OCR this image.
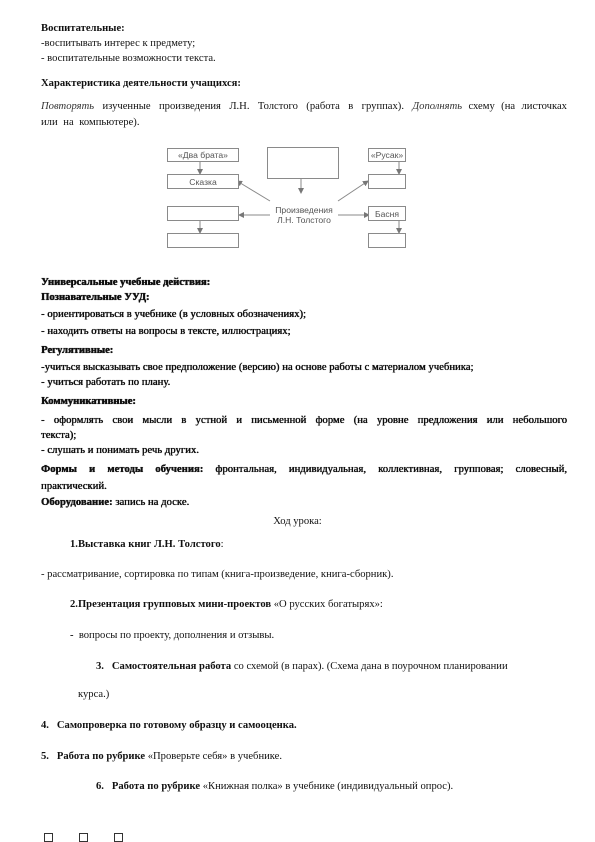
Воспитательные:
-воспитывать интерес к предмету;
- воспитательные возможности текста.
Характеристика деятельности учащихся:
Повторять изученные произведения Л.Н. Толстого (работа в группах). Дополнять схему (на листочках или на компьютере).
«Два брата»
Сказка
Произведения
Л.Н. Толстого
«Русак»
Басня
Универсальные учебные действия:
Познавательные УУД:
- ориентироваться в учебнике (в условных обозначениях);
- находить ответы на вопросы в тексте, иллюстрациях;
Регулятивные:
-учиться высказывать свое предположение (версию) на основе работы с материалом учебника;
- учиться работать по плану.
Коммуникативные:
- оформлять свои мысли в устной и письменной форме (на уровне предложения или небольшого текста);
- слушать и понимать речь других.
Формы и методы обучения: фронтальная, индивидуальная, коллективная, групповая; словесный, практический.
Оборудование: запись на доске.
Ход урока:
1.Выставка книг Л.Н. Толстого:
- рассматривание, сортировка по типам (книга-произведение, книга-сборник).
2.Презентация групповых мини-проектов «О русских богатырях»:
- вопросы по проекту, дополнения и отзывы.
3. Самостоятельная работа со схемой (в парах). (Схема дана в поурочном планировании
курса.)
4. Самопроверка по готовому образцу и самооценка.
5. Работа по рубрике «Проверьте себя» в учебнике.
6. Работа по рубрике «Книжная полка» в учебнике (индивидуальный опрос).
